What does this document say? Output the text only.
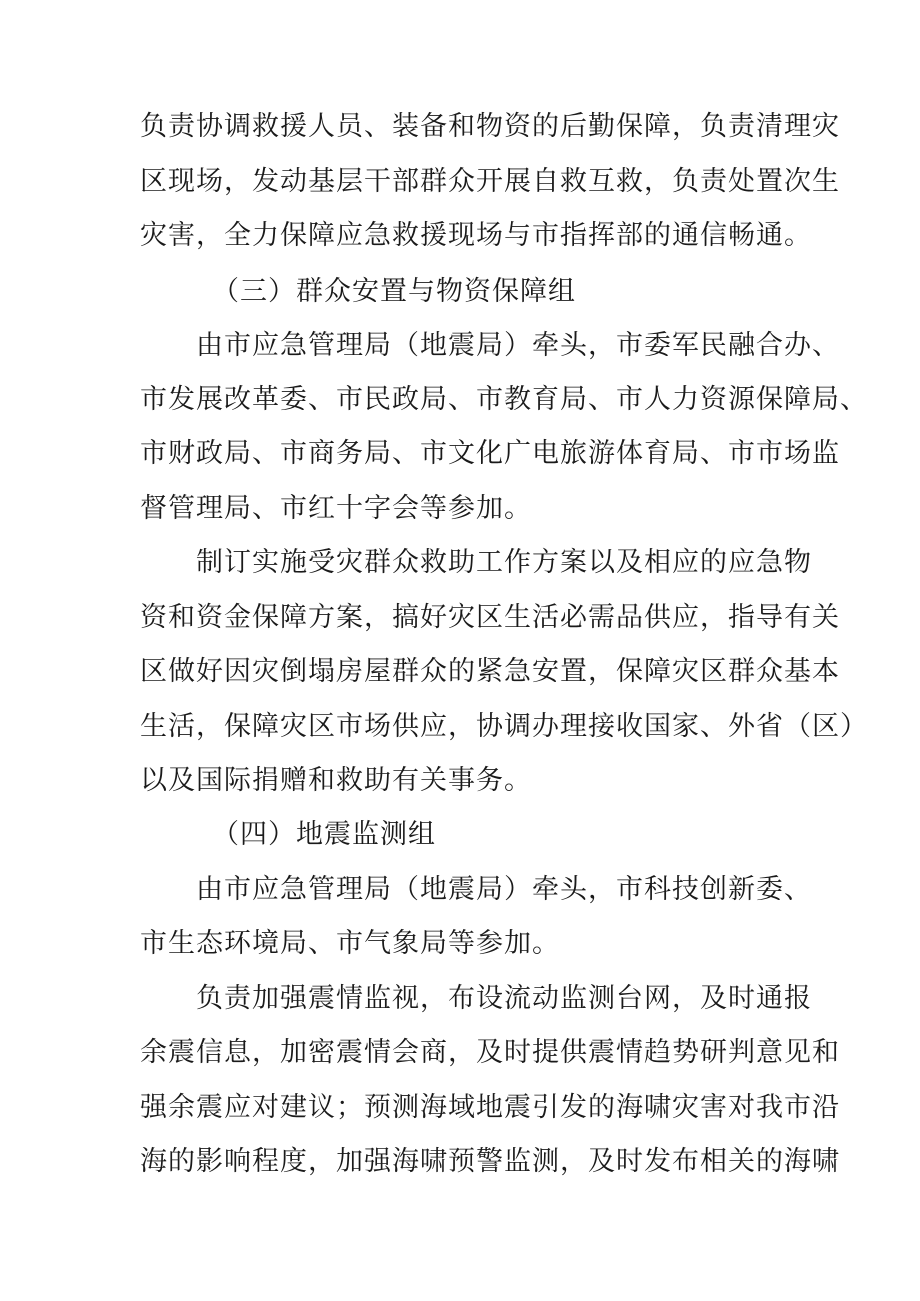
负责协调救援人员、装备和物资的后勤保障，负责清理灾
区现场，发动基层干部群众开展自救互救，负责处置次生
灾害，全力保障应急救援现场与市指挥部的通信畅通。
（三）群众安置与物资保障组
由市应急管理局（地震局）牵头，市委军民融合办、
市发展改革委、市民政局、市教育局、市人力资源保障局、
市财政局、市商务局、市文化广电旅游体育局、市市场监
督管理局、市红十字会等参加。
制订实施受灾群众救助工作方案以及相应的应急物
资和资金保障方案，搞好灾区生活必需品供应，指导有关
区做好因灾倒塌房屋群众的紧急安置，保障灾区群众基本
生活，保障灾区市场供应，协调办理接收国家、外省（区）
以及国际捐赠和救助有关事务。
（四）地震监测组
由市应急管理局（地震局）牵头，市科技创新委、
市生态环境局、市气象局等参加。
负责加强震情监视，布设流动监测台网，及时通报
余震信息，加密震情会商，及时提供震情趋势研判意见和
强余震应对建议；预测海域地震引发的海啸灾害对我市沿
海的影响程度，加强海啸预警监测，及时发布相关的海啸
